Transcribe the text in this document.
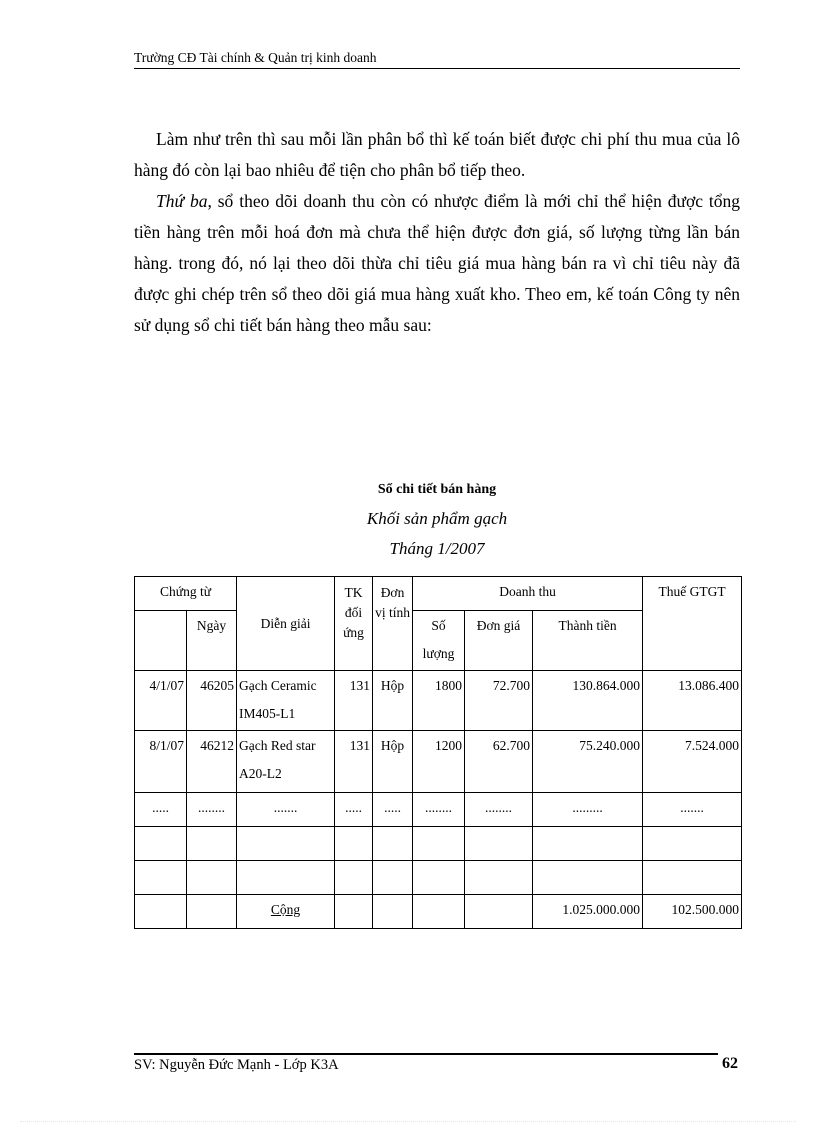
Trường CĐ Tài chính & Quản trị kinh doanh

Làm như trên thì sau mỗi lần phân bổ thì kế toán biết được chi phí thu mua của lô hàng đó còn lại bao nhiêu để tiện cho phân bổ tiếp theo.

Thứ ba, sổ theo dõi doanh thu còn có nhược điểm là mới chỉ thể hiện được tổng tiền hàng trên mỗi hoá đơn mà chưa thể hiện được đơn giá, số lượng từng lần bán hàng. trong đó, nó lại theo dõi thừa chỉ tiêu giá mua hàng bán ra vì chỉ tiêu này đã được ghi chép trên sổ theo dõi giá mua hàng xuất kho. Theo em, kế toán Công ty nên sử dụng sổ chi tiết bán hàng theo mẫu sau:

Sổ chi tiết bán hàng
Khối sản phẩm gạch
Tháng 1/2007
Chứng từ		Diễn giải	TK đối ứng	Đơn vị tính	Doanh thu			Thuế GTGT
	Ngày				Số lượng	Đơn giá	Thành tiền	
4/1/07	46205	Gạch Ceramic IM405-L1	131	Hộp	1800	72.700	130.864.000	13.086.400
8/1/07	46212	Gạch Red star A20-L2	131	Hộp	1200	62.700	75.240.000	7.524.000
.....	........	.......	.....	.....	........	........	.........	.......

		Cộng					1.025.000.000	102.500.000
SV: Nguyễn Đức Mạnh - Lớp K3A	62
